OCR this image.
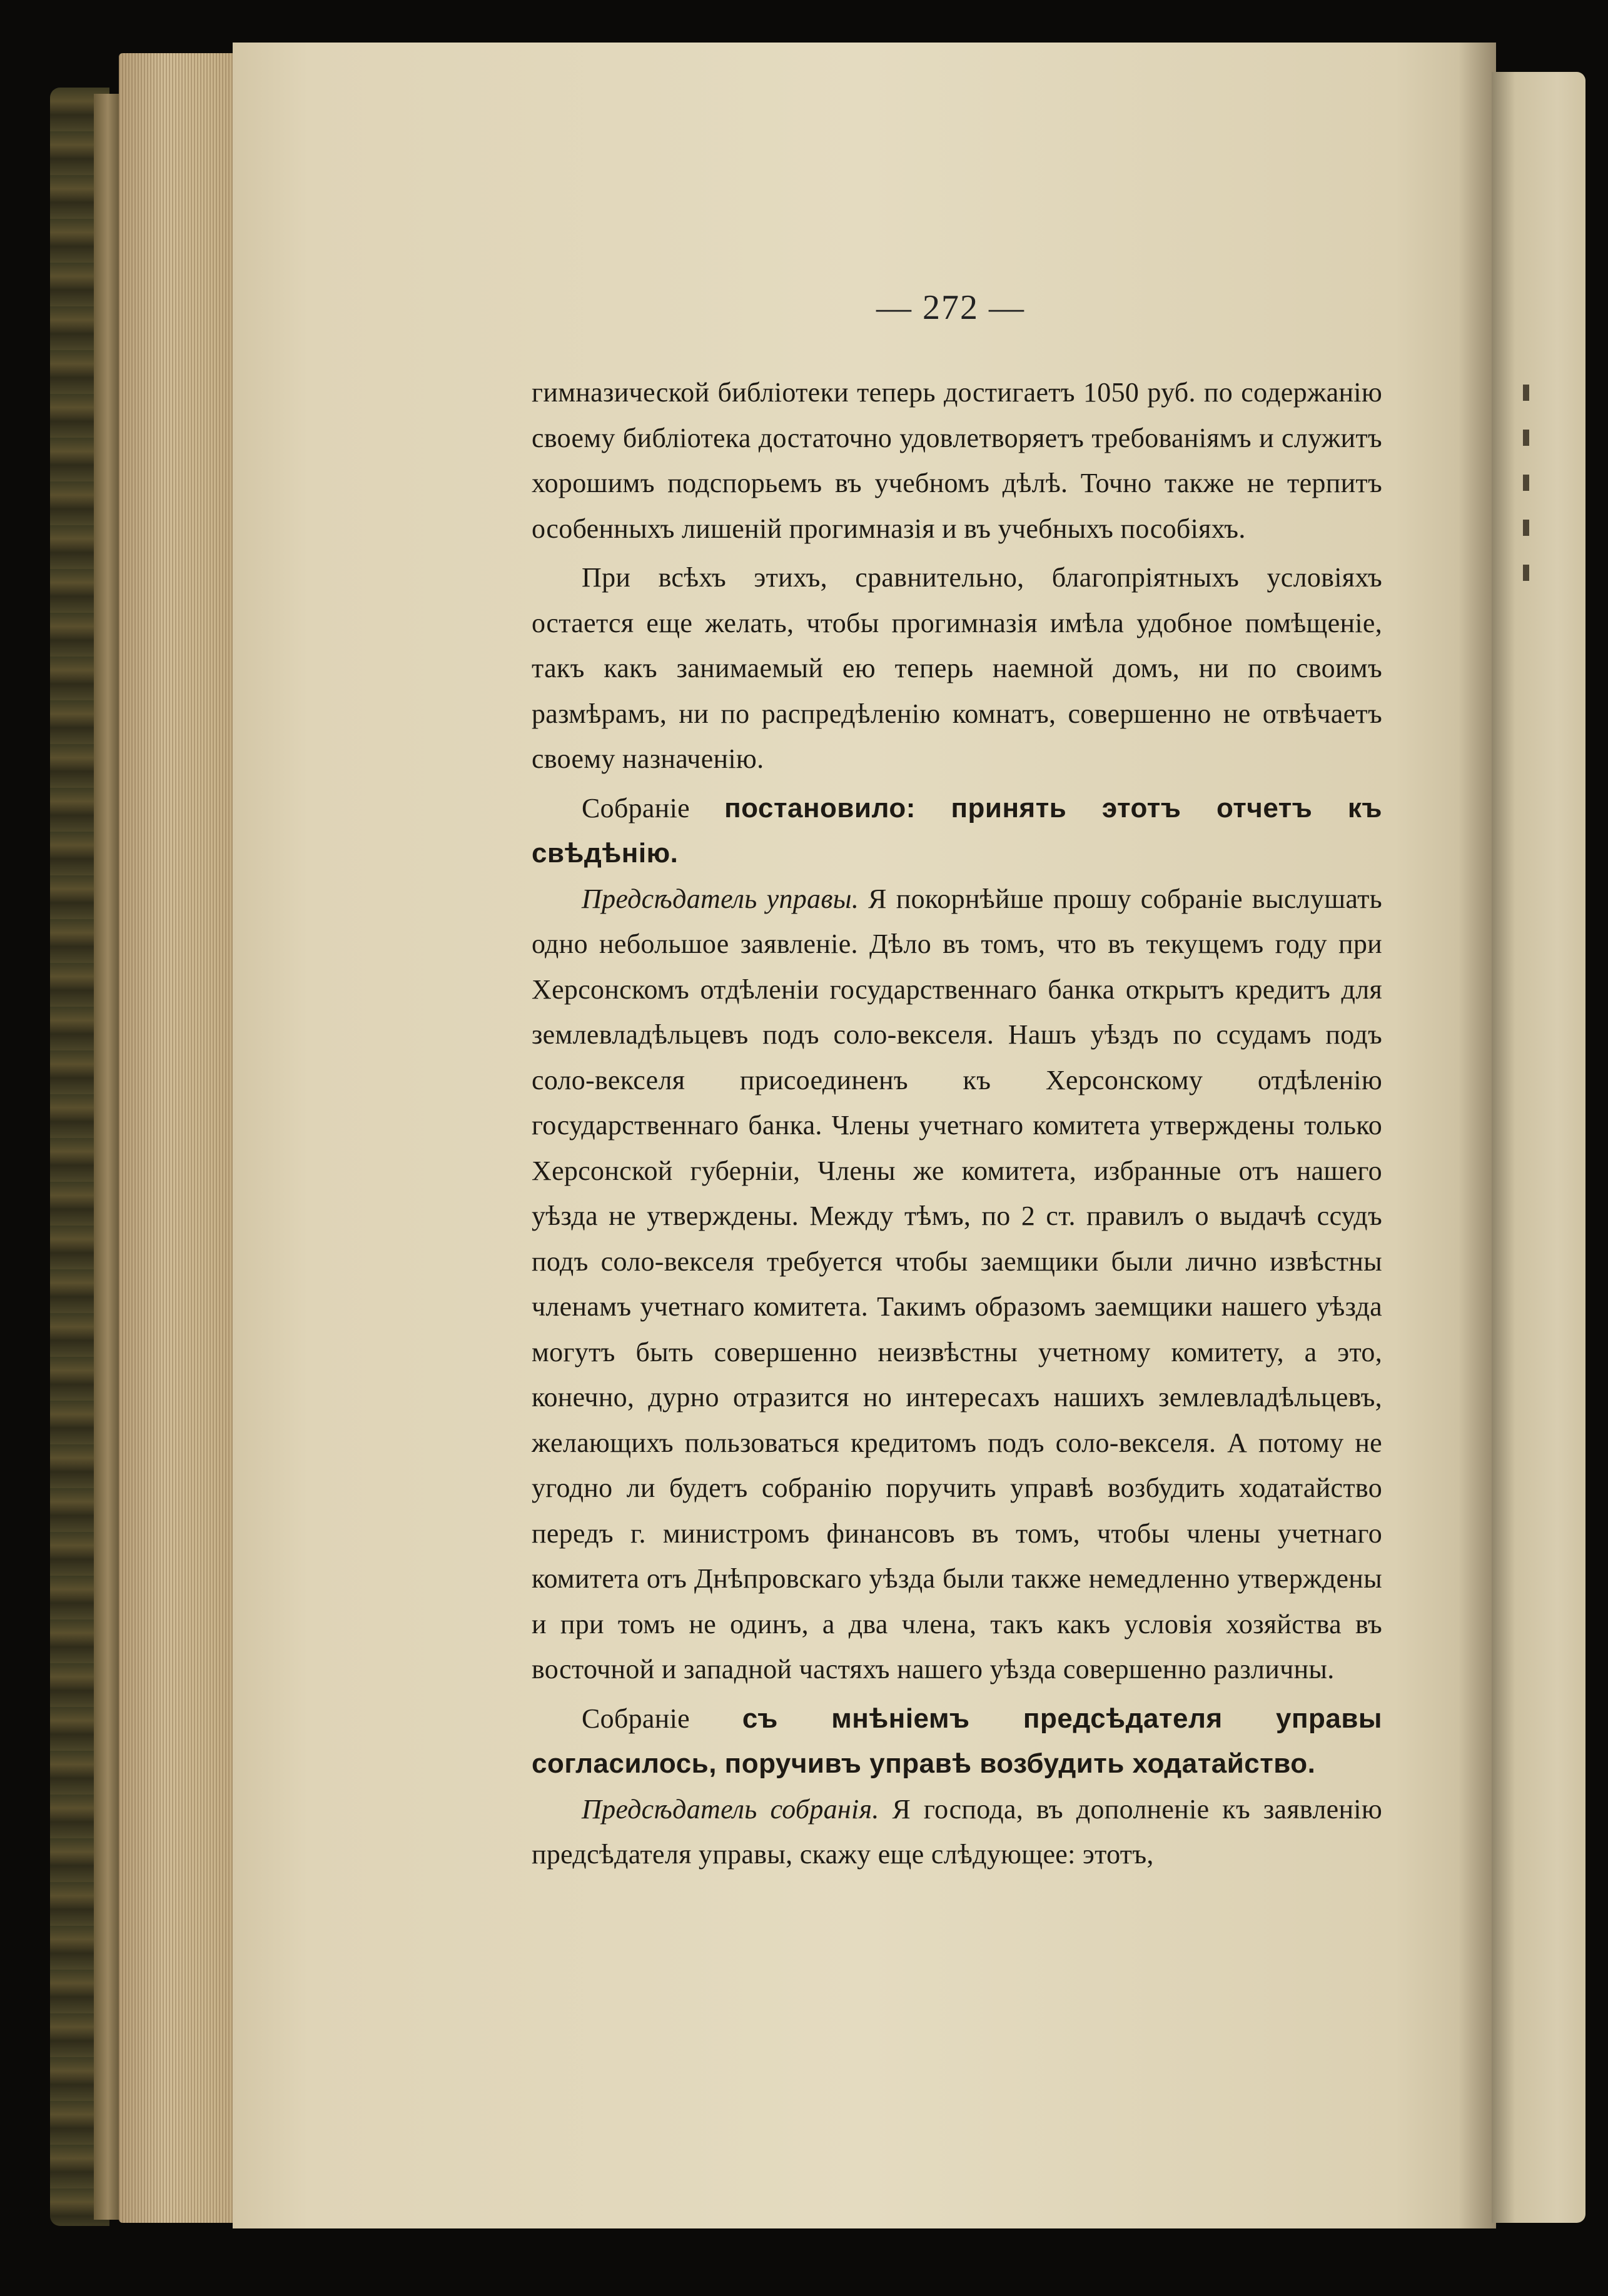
— 272 —

гимназической библіотеки теперь достигаетъ 1050 руб. по содержанію своему библіотека достаточно удовлетворяетъ требованіямъ и служитъ хорошимъ подспорьемъ въ учебномъ дѣлѣ. Точно также не терпитъ особенныхъ лишеній прогимназія и въ учебныхъ пособіяхъ.

При всѣхъ этихъ, сравнительно, благопріятныхъ условіяхъ остается еще желать, чтобы прогимназія имѣла удобное помѣщеніе, такъ какъ занимаемый ею теперь наемной домъ, ни по своимъ размѣрамъ, ни по распредѣленію комнатъ, совершенно не отвѣчаетъ своему назначенію.

Собраніе постановило: принять этотъ отчетъ къ свѣдѣнію.

Предсѣдатель управы. Я покорнѣйше прошу собраніе выслушать одно небольшое заявленіе. Дѣло въ томъ, что въ текущемъ году при Херсонскомъ отдѣленіи государственнаго банка открытъ кредитъ для землевладѣльцевъ подъ соло-векселя. Нашъ уѣздъ по ссудамъ подъ соло-векселя присоединенъ къ Херсонскому отдѣленію государственнаго банка. Члены учетнаго комитета утверждены только Херсонской губерніи, Члены же комитета, избранные отъ нашего уѣзда не утверждены. Между тѣмъ, по 2 ст. правилъ о выдачѣ ссудъ подъ соло-векселя требуется чтобы заемщики были лично извѣстны членамъ учетнаго комитета. Такимъ образомъ заемщики нашего уѣзда могутъ быть совершенно неизвѣстны учетному комитету, а это, конечно, дурно отразится но интересахъ нашихъ землевладѣльцевъ, желающихъ пользоваться кредитомъ подъ соло-векселя. А потому не угодно ли будетъ собранію поручить управѣ возбудить ходатайство передъ г. министромъ финансовъ въ томъ, чтобы члены учетнаго комитета отъ Днѣпровскаго уѣзда были также немедленно утверждены и при томъ не одинъ, а два члена, такъ какъ условія хозяйства въ восточной и западной частяхъ нашего уѣзда совершенно различны.

Собраніе съ мнѣніемъ предсѣдателя управы согласилось, поручивъ управѣ возбудить ходатайство.

Предсѣдатель собранія. Я господа, въ дополненіе къ заявленію предсѣдателя управы, скажу еще слѣдующее: этотъ,
